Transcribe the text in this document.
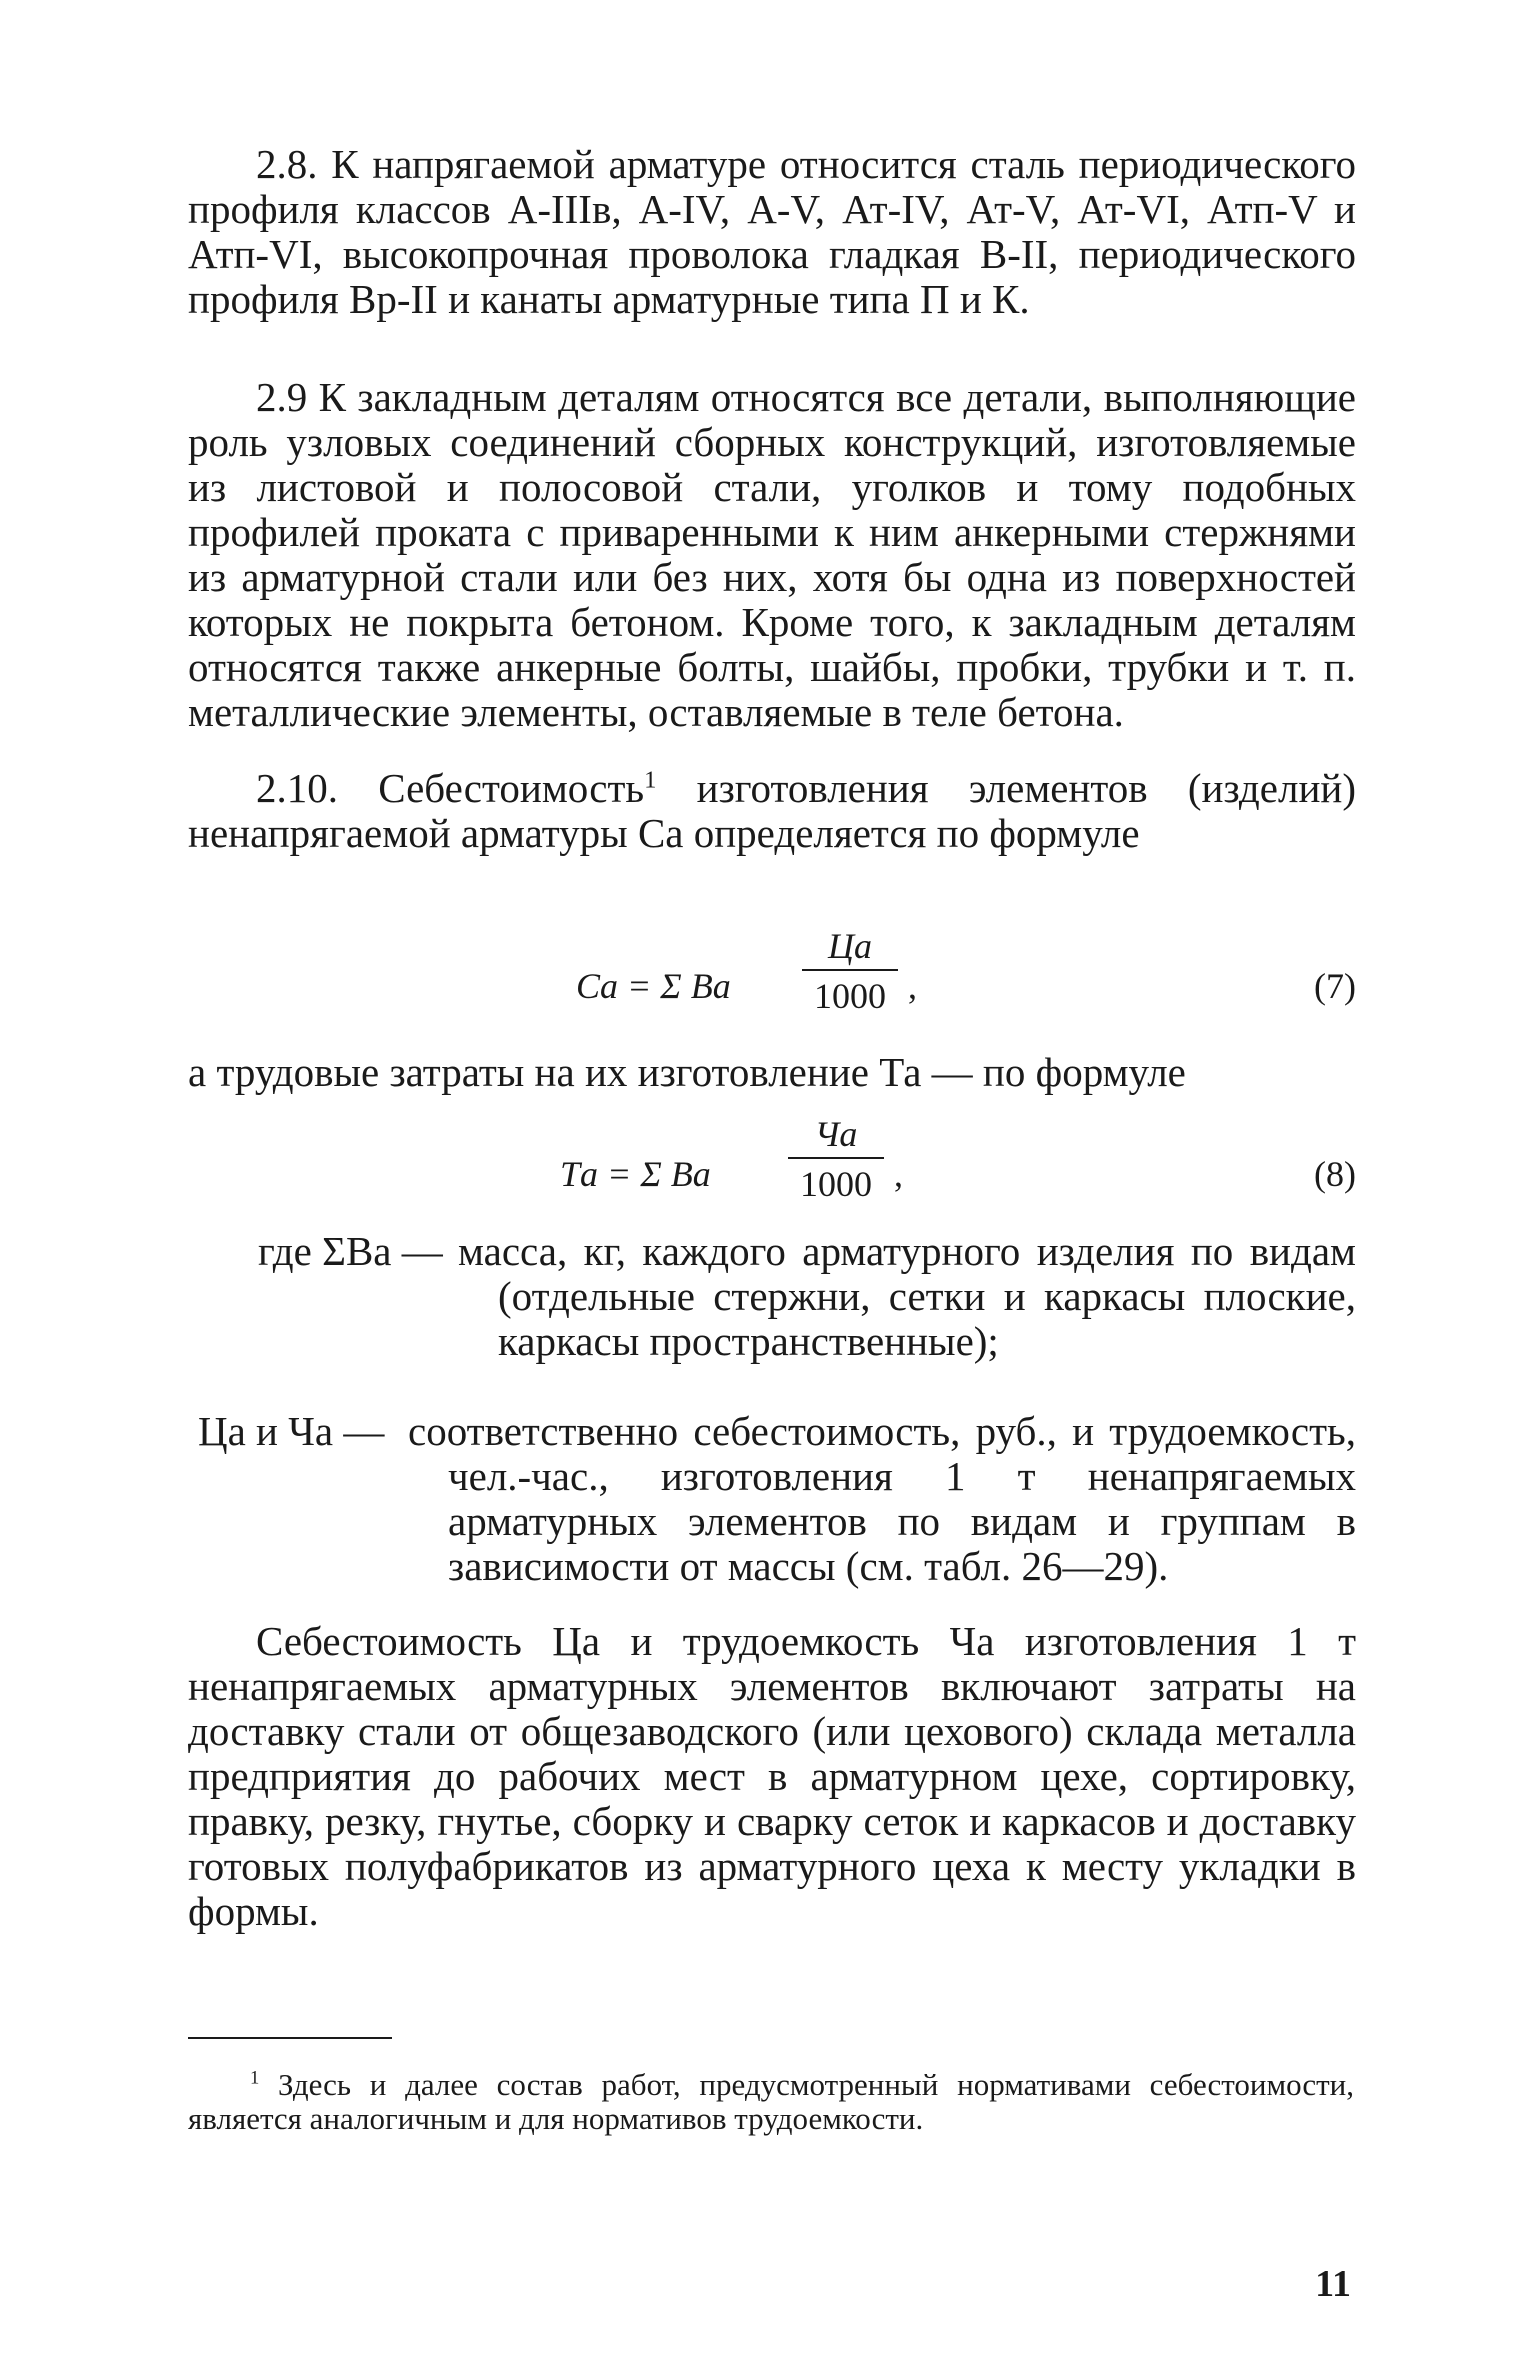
2.8. К напрягаемой арматуре относится сталь периодического профиля классов А-IIIв, А-IV, А-V, Ат-IV, Ат-V, Ат-VI, Атп-V и Атп-VI, высокопрочная проволока гладкая В-II, периодического профиля Вр-II и канаты арматурные типа П и К.

2.9 К закладным деталям относятся все детали, выполняющие роль узловых соединений сборных конструкций, изготовляемые из листовой и полосовой стали, уголков и тому подобных профилей проката с приваренными к ним анкерными стержнями из арматурной стали или без них, хотя бы одна из поверхностей которых не покрыта бетоном. Кроме того, к закладным деталям относятся также анкерные болты, шайбы, пробки, трубки и т. п. металлические элементы, оставляемые в теле бетона.

2.10. Себестоимость$^1$ изготовления элементов (изделий) ненапрягаемой арматуры Са определяется по формуле

Cа = Σ Bа
Ца
1000 ,	(7)

а трудовые затраты на их изготовление Та — по формуле

Tа = Σ Bа
Ча
1000 ,	(8)
где ΣBа — масса, кг, каждого арматурного изделия по видам (отдельные стержни, сетки и каркасы плоские, каркасы пространственные);
Ца и Ча — соответственно себестоимость, руб., и трудоемкость, чел.-час., изготовления 1 т ненапрягаемых арматурных элементов по видам и группам в зависимости от массы (см. табл. 26—29).

Себестоимость Ца и трудоемкость Ча изготовления 1 т ненапрягаемых арматурных элементов включают затраты на доставку стали от общезаводского (или цехового) склада металла предприятия до рабочих мест в арматурном цехе, сортировку, правку, резку, гнутье, сборку и сварку сеток и каркасов и доставку готовых полуфабрикатов из арматурного цеха к месту укладки в формы.

$^1$ Здесь и далее состав работ, предусмотренный нормативами себестоимости, является аналогичным и для нормативов трудоемкости.

11
